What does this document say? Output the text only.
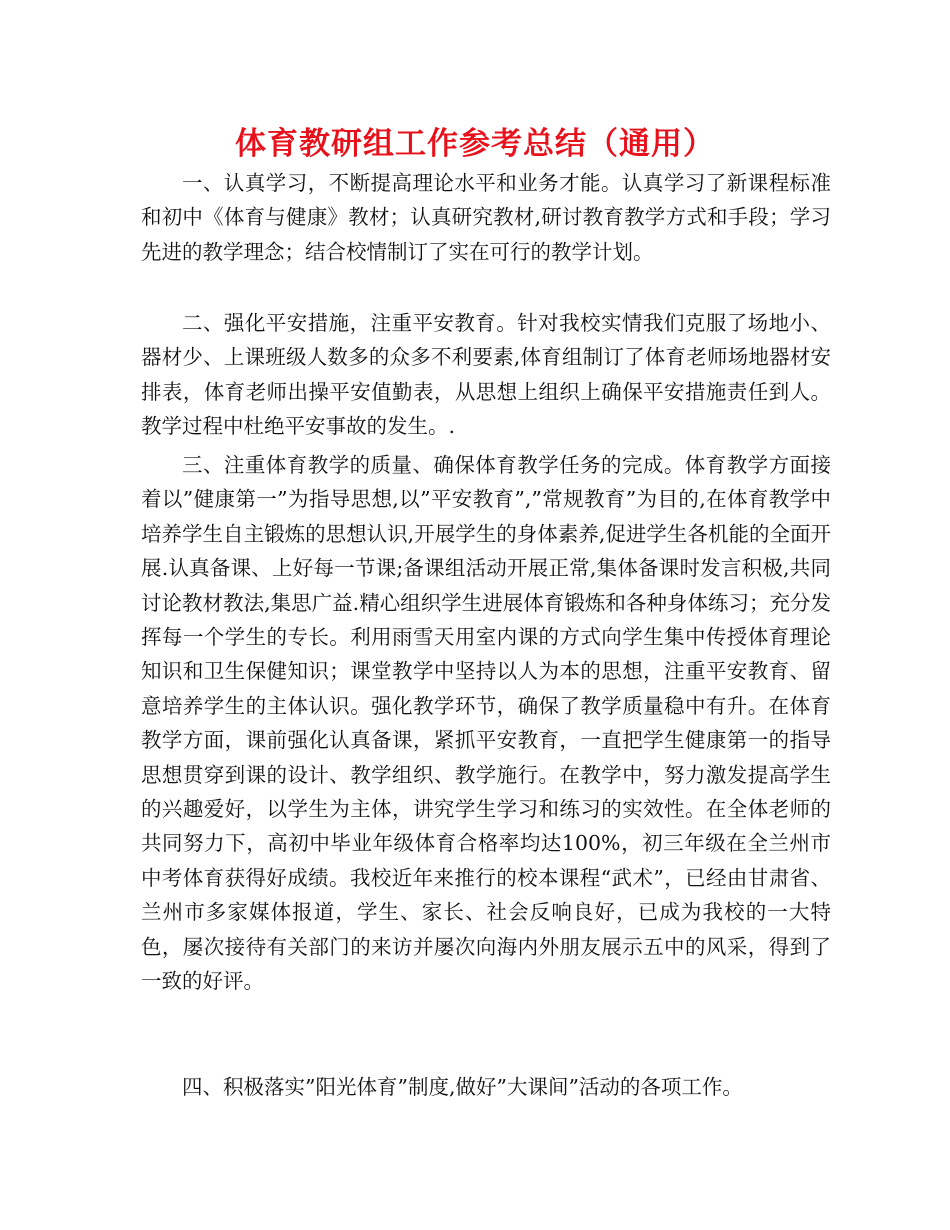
体育教研组工作参考总结（通用）

一、认真学习，不断提高理论水平和业务才能。认真学习了新课程标准和初中《体育与健康》教材；认真研究教材,研讨教育教学方式和手段；学习先进的教学理念；结合校情制订了实在可行的教学计划。

二、强化平安措施，注重平安教育。针对我校实情我们克服了场地小、器材少、上课班级人数多的众多不利要素,体育组制订了体育老师场地器材安排表，体育老师出操平安值勤表，从思想上组织上确保平安措施责任到人。教学过程中杜绝平安事故的发生。.

三、注重体育教学的质量、确保体育教学任务的完成。体育教学方面接着以”健康第一”为指导思想,以”平安教育”,”常规教育”为目的,在体育教学中培养学生自主锻炼的思想认识,开展学生的身体素养,促进学生各机能的全面开展.认真备课、上好每一节课;备课组活动开展正常,集体备课时发言积极,共同讨论教材教法,集思广益.精心组织学生进展体育锻炼和各种身体练习；充分发挥每一个学生的专长。利用雨雪天用室内课的方式向学生集中传授体育理论知识和卫生保健知识；课堂教学中坚持以人为本的思想，注重平安教育、留意培养学生的主体认识。强化教学环节，确保了教学质量稳中有升。在体育教学方面，课前强化认真备课，紧抓平安教育，一直把学生健康第一的指导思想贯穿到课的设计、教学组织、教学施行。在教学中，努力激发提高学生的兴趣爱好，以学生为主体，讲究学生学习和练习的实效性。在全体老师的共同努力下，高初中毕业年级体育合格率均达100%，初三年级在全兰州市中考体育获得好成绩。我校近年来推行的校本课程“武术”，已经由甘肃省、兰州市多家媒体报道，学生、家长、社会反响良好，已成为我校的一大特色，屡次接待有关部门的来访并屡次向海内外朋友展示五中的风采，得到了一致的好评。

四、积极落实”阳光体育”制度,做好”大课间”活动的各项工作。
